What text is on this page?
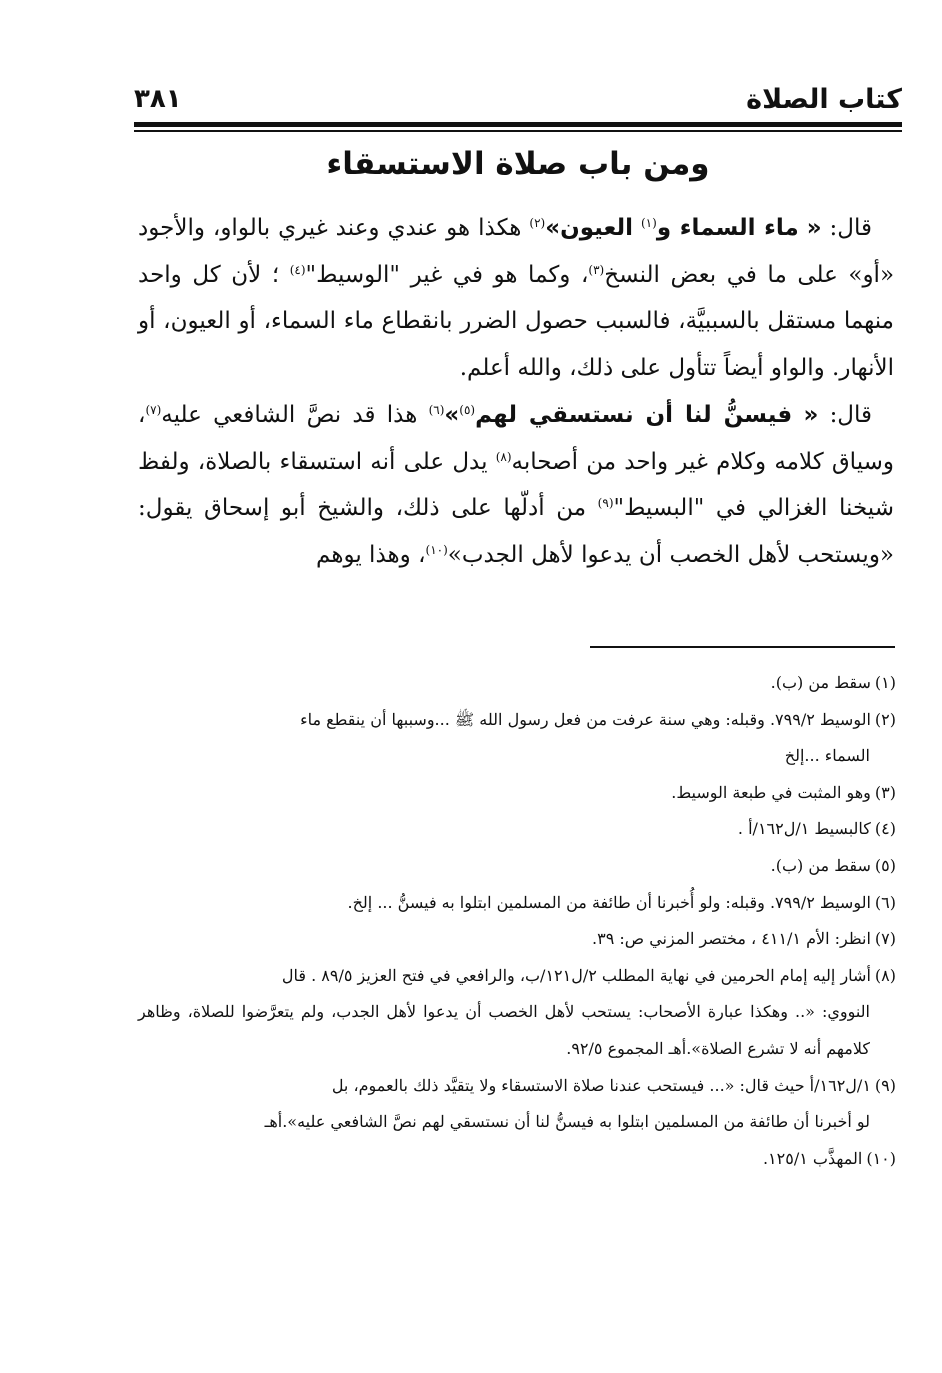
كتاب الصلاة
٣٨١
ومن باب صلاة الاستسقاء

قال: « ماء السماء و$^{(١)}$ العيون»$^{(٢)}$ هكذا هو عندي وعند غيري بالواو، والأجود «أو» على ما في بعض النسخ$^{(٣)}$، وكما هو في غير "الوسيط"$^{(٤)}$ ؛ لأن كل واحد منهما مستقل بالسببيَّة، فالسبب حصول الضرر بانقطاع ماء السماء، أو العيون، أو الأنهار. والواو أيضاً تتأول على ذلك، والله أعلم.

قال: « فيسنُّ لنا أن نستسقي لهم$^{(٥)}$»$^{(٦)}$ هذا قد نصَّ الشافعي عليه$^{(٧)}$، وسياق كلامه وكلام غير واحد من أصحابه$^{(٨)}$ يدل على أنه استسقاء بالصلاة، ولفظ شيخنا الغزالي في "البسيط"$^{(٩)}$ من أدلّها على ذلك، والشيخ أبو إسحاق يقول: «ويستحب لأهل الخصب أن يدعوا لأهل الجدب»$^{(١٠)}$، وهذا يوهم

(١)سقط من (ب).

(٢)الوسيط ٧٩٩/٢. وقبله: وهي سنة عرفت من فعل رسول الله ﷺ ...وسببها أن ينقطع ماء

السماء ...إلخ

(٣)وهو المثبت في طبعة الوسيط.

(٤)كالبسيط ١/ل١٦٢/أ .

(٥)سقط من (ب).

(٦)الوسيط ٧٩٩/٢. وقبله: ولو أُخبرنا أن طائفة من المسلمين ابتلوا به فيسنُّ ... إلخ.

(٧)انظر: الأم ٤١١/١ ، مختصر المزني ص: ٣٩.

(٨)أشار إليه إمام الحرمين في نهاية المطلب ٢/ل١٢١/ب، والرافعي في فتح العزيز ٨٩/٥ . قال

النووي: «.. وهكذا عبارة الأصحاب: يستحب لأهل الخصب أن يدعوا لأهل الجدب، ولم يتعرَّضوا للصلاة، وظاهر كلامهم أنه لا تشرع الصلاة».أهـ المجموع ٩٢/٥.

(٩)١/ل١٦٢/أ حيث قال: «... فيستحب عندنا صلاة الاستسقاء ولا يتقيَّد ذلك بالعموم، بل

لو أخبرنا أن طائفة من المسلمين ابتلوا به فيسنُّ لنا أن نستسقي لهم نصَّ الشافعي عليه».أهـ

(١٠)المهذَّب ١٢٥/١.
